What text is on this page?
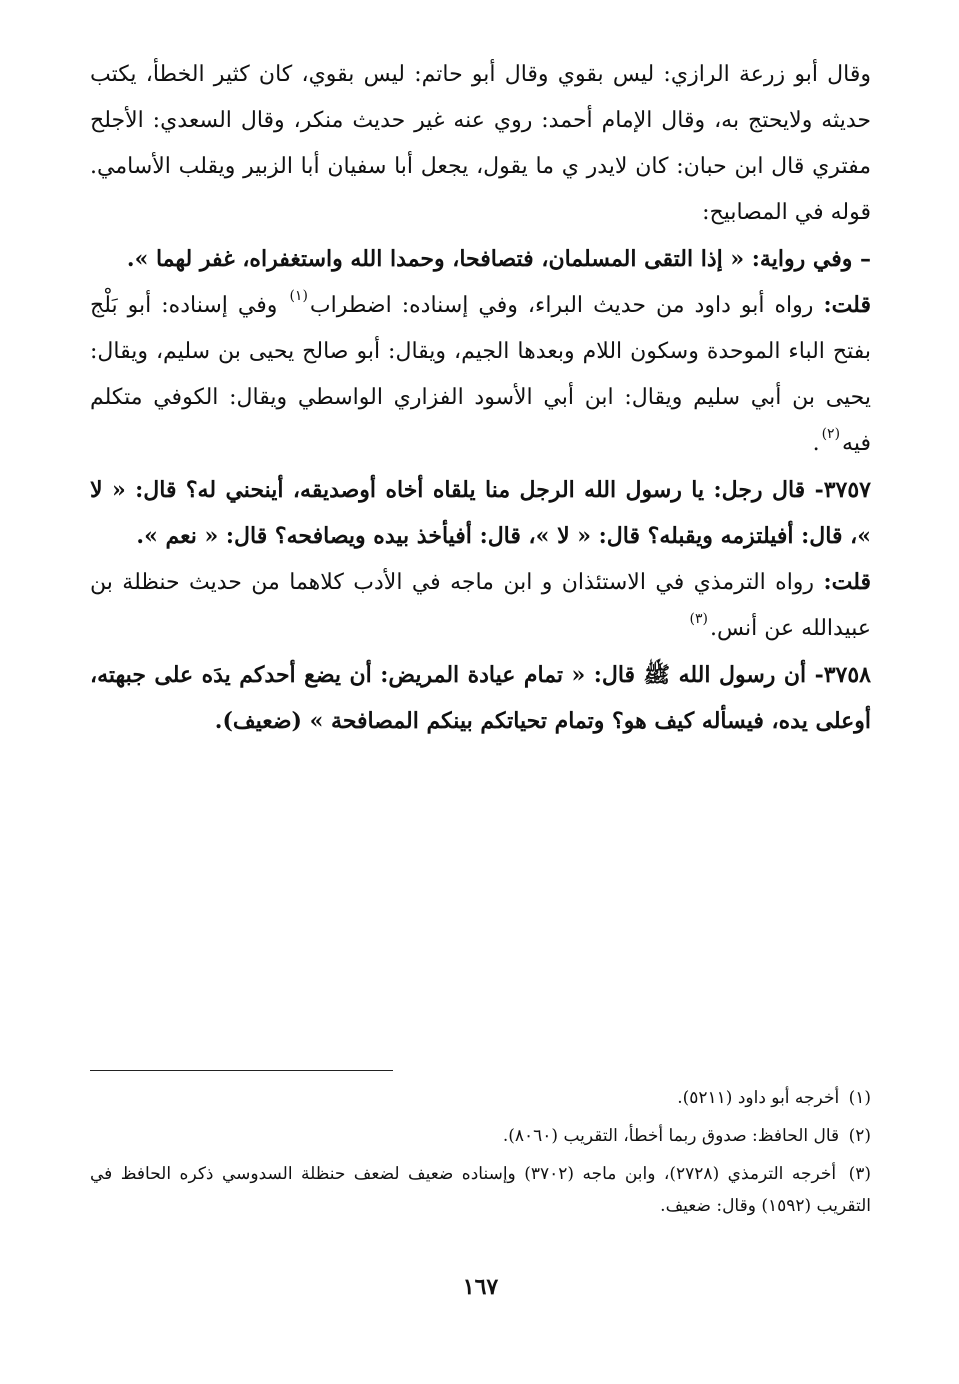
وقال أبو زرعة الرازي: ليس بقوي وقال أبو حاتم: ليس بقوي، كان كثير الخطأ، يكتب حديثه ولايحتج به، وقال الإمام أحمد: روي عنه غير حديث منكر، وقال السعدي: الأجلح مفتري قال ابن حبان: كان لايدر ي ما يقول، يجعل أبا سفيان أبا الزبير ويقلب الأسامي. قوله في المصابيح:

– وفي رواية: « إذا التقى المسلمان، فتصافحا، وحمدا الله واستغفراه، غفر لهما ».

قلت: رواه أبو داود من حديث البراء، وفي إسناده: اضطراب$^{(١)}$ وفي إسناده: أبو بَلْج بفتح الباء الموحدة وسكون اللام وبعدها الجيم، ويقال: أبو صالح يحيى بن سليم، ويقال: يحيى بن أبي سليم ويقال: ابن أبي الأسود الفزاري الواسطي ويقال: الكوفي متكلم فيه$^{(٢)}$.

٣٧٥٧- قال رجل: يا رسول الله الرجل منا يلقاه أخاه أوصديقه، أينحني له؟ قال: « لا »، قال: أفيلتزمه ويقبله؟ قال: « لا »، قال: أفيأخذ بيده ويصافحه؟ قال: « نعم ».

قلت: رواه الترمذي في الاستئذان و ابن ماجه في الأدب كلاهما من حديث حنظلة بن عبيدالله عن أنس.$^{(٣)}$

٣٧٥٨- أن رسول الله ﷺ قال: « تمام عيادة المريض: أن يضع أحدكم يدَه على جبهته، أوعلى يده، فيسأله كيف هو؟ وتمام تحياتكم بينكم المصافحة » (ضعيف).

(١) أخرجه أبو داود (٥٢١١).

(٢) قال الحافظ: صدوق ربما أخطأ، التقريب (٨٠٦٠).

(٣) أخرجه الترمذي (٢٧٢٨)، وابن ماجه (٣٧٠٢) وإسناده ضعيف لضعف حنظلة السدوسي ذكره الحافظ في التقريب (١٥٩٢) وقال: ضعيف.

١٦٧
